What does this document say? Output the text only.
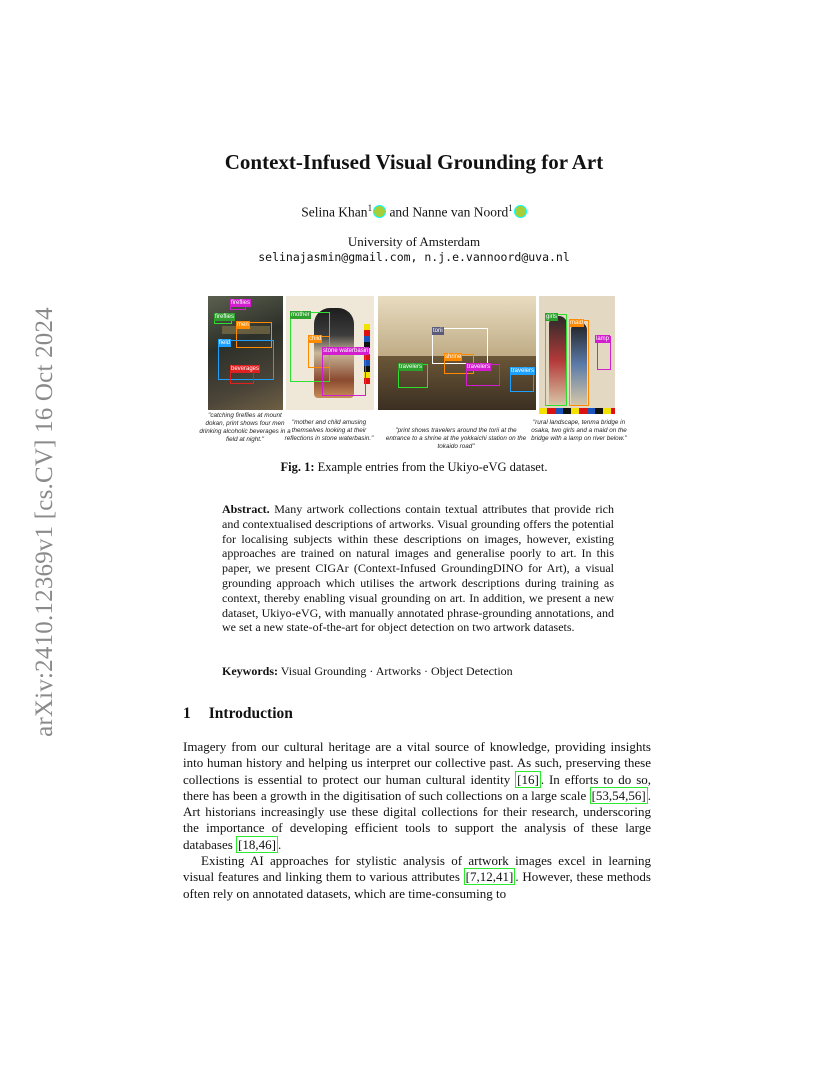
arXiv:2410.12369v1 [cs.CV] 16 Oct 2024
Context-Infused Visual Grounding for Art
Selina Khan$^1$ and Nanne van Noord$^1$
University of Amsterdam
selinajasmin@gmail.com, n.j.e.vannoord@uva.nl
fireflies
fireflies
men
field
beverages
mother
child
stone waterbasin
torii
shrine
travelers	travelers
travelers
girls
maid
lamp
"catching fireflies at mount dokan, print shows four men drinking alcoholic beverages in a field at night."
"mother and child amusing themselves looking at their reflections in stone waterbasin."
"print shows travelers around the torii at the entrance to a shrine at the yokkaichi station on the tokaido road"
"rural landscape, tenma bridge in osaka, two girls and a maid on the bridge with a lamp on river below."
Fig. 1: Example entries from the Ukiyo-eVG dataset.
Abstract. Many artwork collections contain textual attributes that provide rich and contextualised descriptions of artworks. Visual grounding offers the potential for localising subjects within these descriptions on images, however, existing approaches are trained on natural images and generalise poorly to art. In this paper, we present CIGAr (Context-Infused GroundingDINO for Art), a visual grounding approach which utilises the artwork descriptions during training as context, thereby enabling visual grounding on art. In addition, we present a new dataset, Ukiyo-eVG, with manually annotated phrase-grounding annotations, and we set a new state-of-the-art for object detection on two artwork datasets.
Keywords: Visual Grounding · Artworks · Object Detection
1 Introduction

Imagery from our cultural heritage are a vital source of knowledge, providing insights into human history and helping us interpret our collective past. As such, preserving these collections is essential to protect our human cultural identity [16] . In efforts to do so, there has been a growth in the digitisation of such collections on a large scale [53,54,56] . Art historians increasingly use these digital collections for their research, underscoring the importance of developing efficient tools to support the analysis of these large databases [18,46] .

Existing AI approaches for stylistic analysis of artwork images excel in learning visual features and linking them to various attributes [7,12,41] . However, these methods often rely on annotated datasets, which are time-consuming to
